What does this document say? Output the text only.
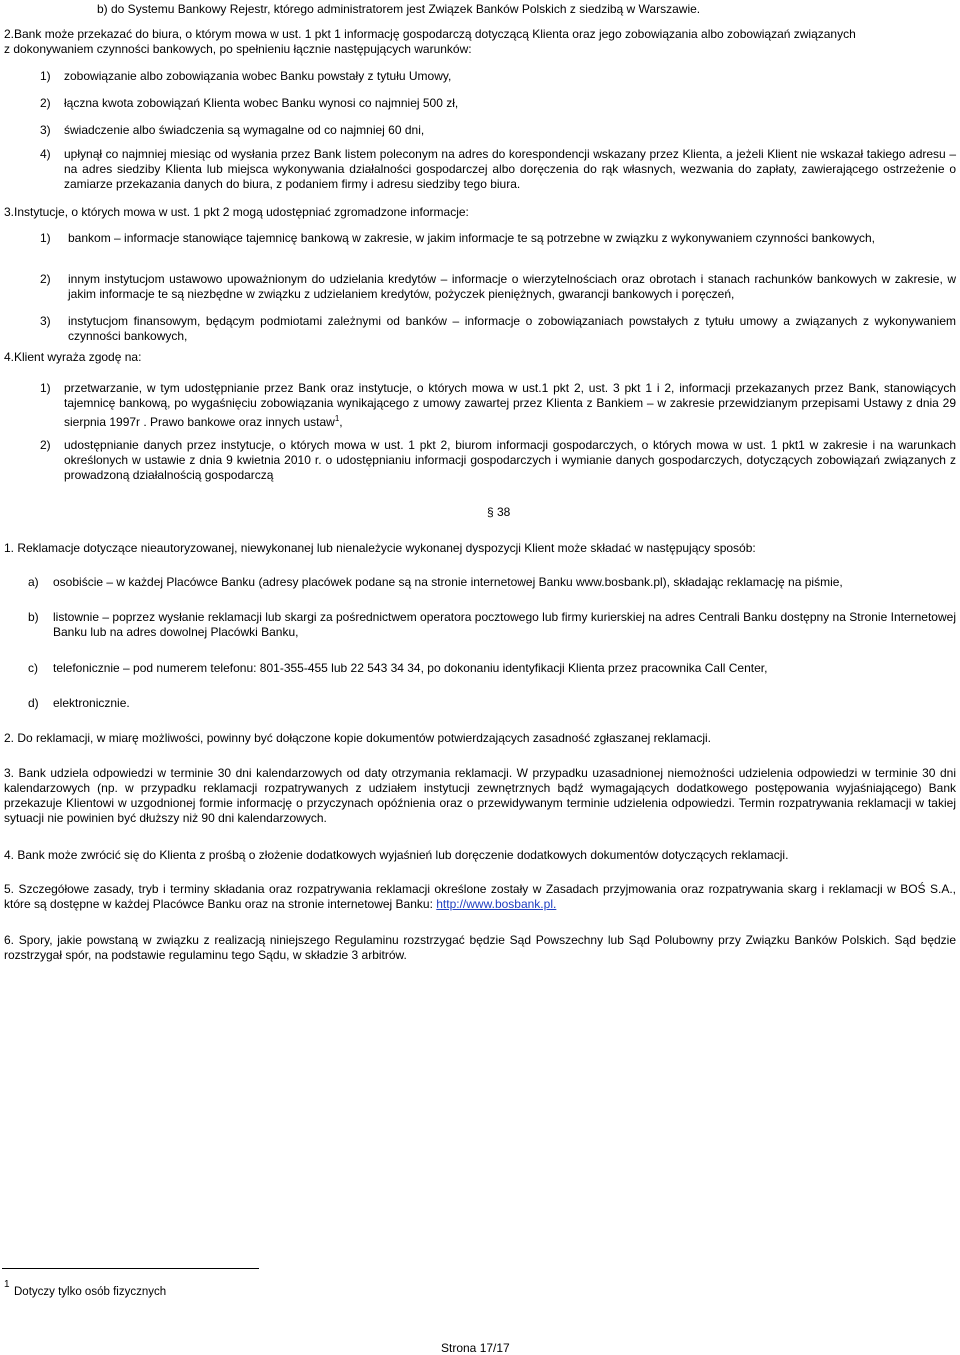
b) do Systemu Bankowy Rejestr, którego administratorem jest Związek Banków Polskich z siedzibą w Warszawie.
2.Bank może przekazać do biura, o którym mowa w ust. 1 pkt 1 informację gospodarczą dotyczącą Klienta oraz jego zobowiązania albo zobowiązań związanych
z dokonywaniem czynności bankowych, po spełnieniu łącznie następujących warunków:
1) zobowiązanie albo zobowiązania wobec Banku powstały z tytułu Umowy,
2) łączna kwota zobowiązań Klienta wobec Banku wynosi co najmniej 500 zł,
3) świadczenie albo świadczenia są wymagalne od co najmniej 60 dni,
4) upłynął co najmniej miesiąc od wysłania przez Bank listem poleconym na adres do korespondencji wskazany przez Klienta, a jeżeli Klient nie wskazał takiego adresu – na adres siedziby Klienta lub miejsca wykonywania działalności gospodarczej albo doręczenia do rąk własnych, wezwania do zapłaty, zawierającego ostrzeżenie o zamiarze przekazania danych do biura, z podaniem firmy i adresu siedziby tego biura.
3.Instytucje, o których mowa w ust. 1 pkt 2 mogą udostępniać zgromadzone informacje:
1) bankom – informacje stanowiące tajemnicę bankową w zakresie, w jakim informacje te są potrzebne w związku z wykonywaniem czynności bankowych,
2) innym instytucjom ustawowo upoważnionym do udzielania kredytów – informacje o wierzytelnościach oraz obrotach i stanach rachunków bankowych w zakresie, w jakim informacje te są niezbędne w związku z udzielaniem kredytów, pożyczek pieniężnych, gwarancji bankowych i poręczeń,
3) instytucjom finansowym, będącym podmiotami zależnymi od banków – informacje o zobowiązaniach powstałych z tytułu umowy a związanych z wykonywaniem czynności bankowych,
4.Klient wyraża zgodę na:
1) przetwarzanie, w tym udostępnianie przez Bank oraz instytucje, o których mowa w ust.1 pkt 2, ust. 3 pkt 1 i 2, informacji przekazanych przez Bank, stanowiących tajemnicę bankową, po wygaśnięciu zobowiązania wynikającego z umowy zawartej przez Klienta z Bankiem – w zakresie przewidzianym przepisami Ustawy z dnia 29 sierpnia 1997r . Prawo bankowe oraz innych ustaw$^1$,
2) udostępnianie danych przez instytucje, o których mowa w ust. 1 pkt 2, biurom informacji gospodarczych, o których mowa w ust. 1 pkt1 w zakresie i na warunkach określonych w ustawie z dnia 9 kwietnia 2010 r. o udostępnianiu informacji gospodarczych i wymianie danych gospodarczych, dotyczących zobowiązań związanych z prowadzoną działalnością gospodarczą
§ 38
1. Reklamacje dotyczące nieautoryzowanej, niewykonanej lub nienależycie wykonanej dyspozycji Klient może składać w następujący sposób:
a) osobiście – w każdej Placówce Banku (adresy placówek podane są na stronie internetowej Banku www.bosbank.pl), składając reklamację na piśmie,
b) listownie – poprzez wysłanie reklamacji lub skargi za pośrednictwem operatora pocztowego lub firmy kurierskiej na adres Centrali Banku dostępny na Stronie Internetowej Banku lub na adres dowolnej Placówki Banku,
c) telefonicznie – pod numerem telefonu: 801-355-455 lub 22 543 34 34, po dokonaniu identyfikacji Klienta przez pracownika Call Center,
d) elektronicznie.
2. Do reklamacji, w miarę możliwości, powinny być dołączone kopie dokumentów potwierdzających zasadność zgłaszanej reklamacji.
3. Bank udziela odpowiedzi w terminie 30 dni kalendarzowych od daty otrzymania reklamacji. W przypadku uzasadnionej niemożności udzielenia odpowiedzi w terminie 30 dni kalendarzowych (np. w przypadku reklamacji rozpatrywanych z udziałem instytucji zewnętrznych bądź wymagających dodatkowego postępowania wyjaśniającego) Bank przekazuje Klientowi w uzgodnionej formie informację o przyczynach opóźnienia oraz o przewidywanym terminie udzielenia odpowiedzi. Termin rozpatrywania reklamacji w takiej sytuacji nie powinien być dłuższy niż 90 dni kalendarzowych.
4. Bank może zwrócić się do Klienta z prośbą o złożenie dodatkowych wyjaśnień lub doręczenie dodatkowych dokumentów dotyczących reklamacji.
5. Szczegółowe zasady, tryb i terminy składania oraz rozpatrywania reklamacji określone zostały w Zasadach przyjmowania oraz rozpatrywania skarg i reklamacji w BOŚ S.A., które są dostępne w każdej Placówce Banku oraz na stronie internetowej Banku: http://www.bosbank.pl.
6. Spory, jakie powstaną w związku z realizacją niniejszego Regulaminu rozstrzygać będzie Sąd Powszechny lub Sąd Polubowny przy Związku Banków Polskich. Sąd będzie rozstrzygał spór, na podstawie regulaminu tego Sądu, w składzie 3 arbitrów.
1
Dotyczy tylko osób fizycznych
Strona 17/17
